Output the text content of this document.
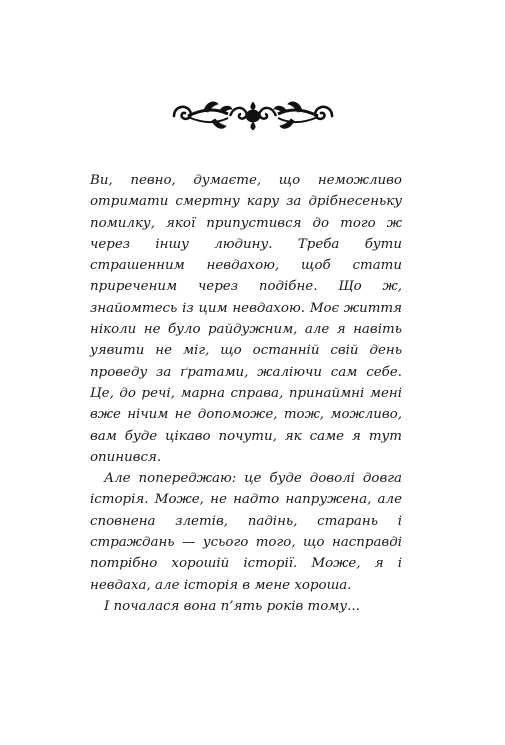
Ви, певно, думаєте, що неможливо отримати смертну кару за дрібнесеньку помилку, якої припустився до того ж через іншу людину. Треба бути страшенним невдахою, щоб стати приреченим через подібне. Що ж, знайомтесь із цим невдахою. Моє життя ніколи не було райдужним, але я навіть уявити не міг, що останній свій день проведу за ґратами, жаліючи сам себе. Це, до речі, марна справа, принаймні мені вже нічим не допоможе, тож, можливо, вам буде цікаво почути, як саме я тут опинився.

Але попереджаю: це буде доволі довга історія. Може, не надто напружена, але сповнена злетів, падінь, старань і страждань — усього того, що насправді потрібно хорошій історії. Може, я і невдаха, але історія в мене хороша.

І почалася вона п’ять років тому...
